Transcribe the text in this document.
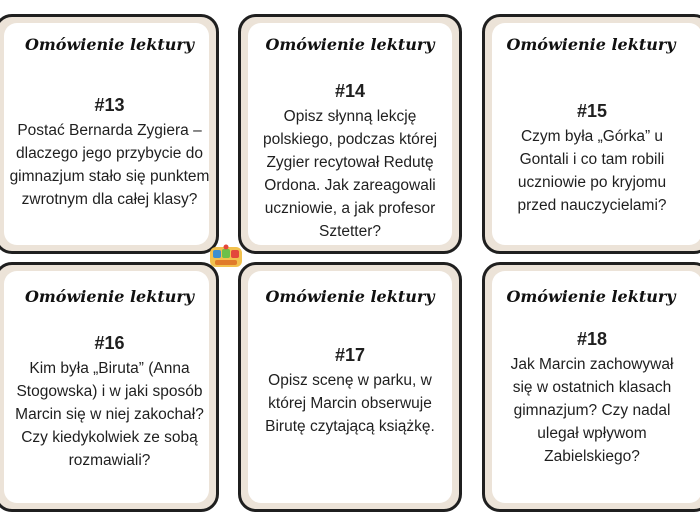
Omówienie lektury
#13
Postać Bernarda Zygiera – dlaczego jego przybycie do gimnazjum stało się punktem zwrotnym dla całej klasy?
Omówienie lektury
#14
Opisz słynną lekcję polskiego, podczas której Zygier recytował Redutę Ordona. Jak zareagowali uczniowie, a jak profesor Sztetter?
Omówienie lektury
#15
Czym była „Górka” u Gontali i co tam robili uczniowie po kryjomu przed nauczycielami?
Omówienie lektury
#16
Kim była „Biruta” (Anna Stogowska) i w jaki sposób Marcin się w niej zakochał? Czy kiedykolwiek ze sobą rozmawiali?
Omówienie lektury
#17
Opisz scenę w parku, w której Marcin obserwuje Birutę czytającą książkę.
Omówienie lektury
#18
Jak Marcin zachowywał się w ostatnich klasach gimnazjum? Czy nadal ulegał wpływom Zabielskiego?
